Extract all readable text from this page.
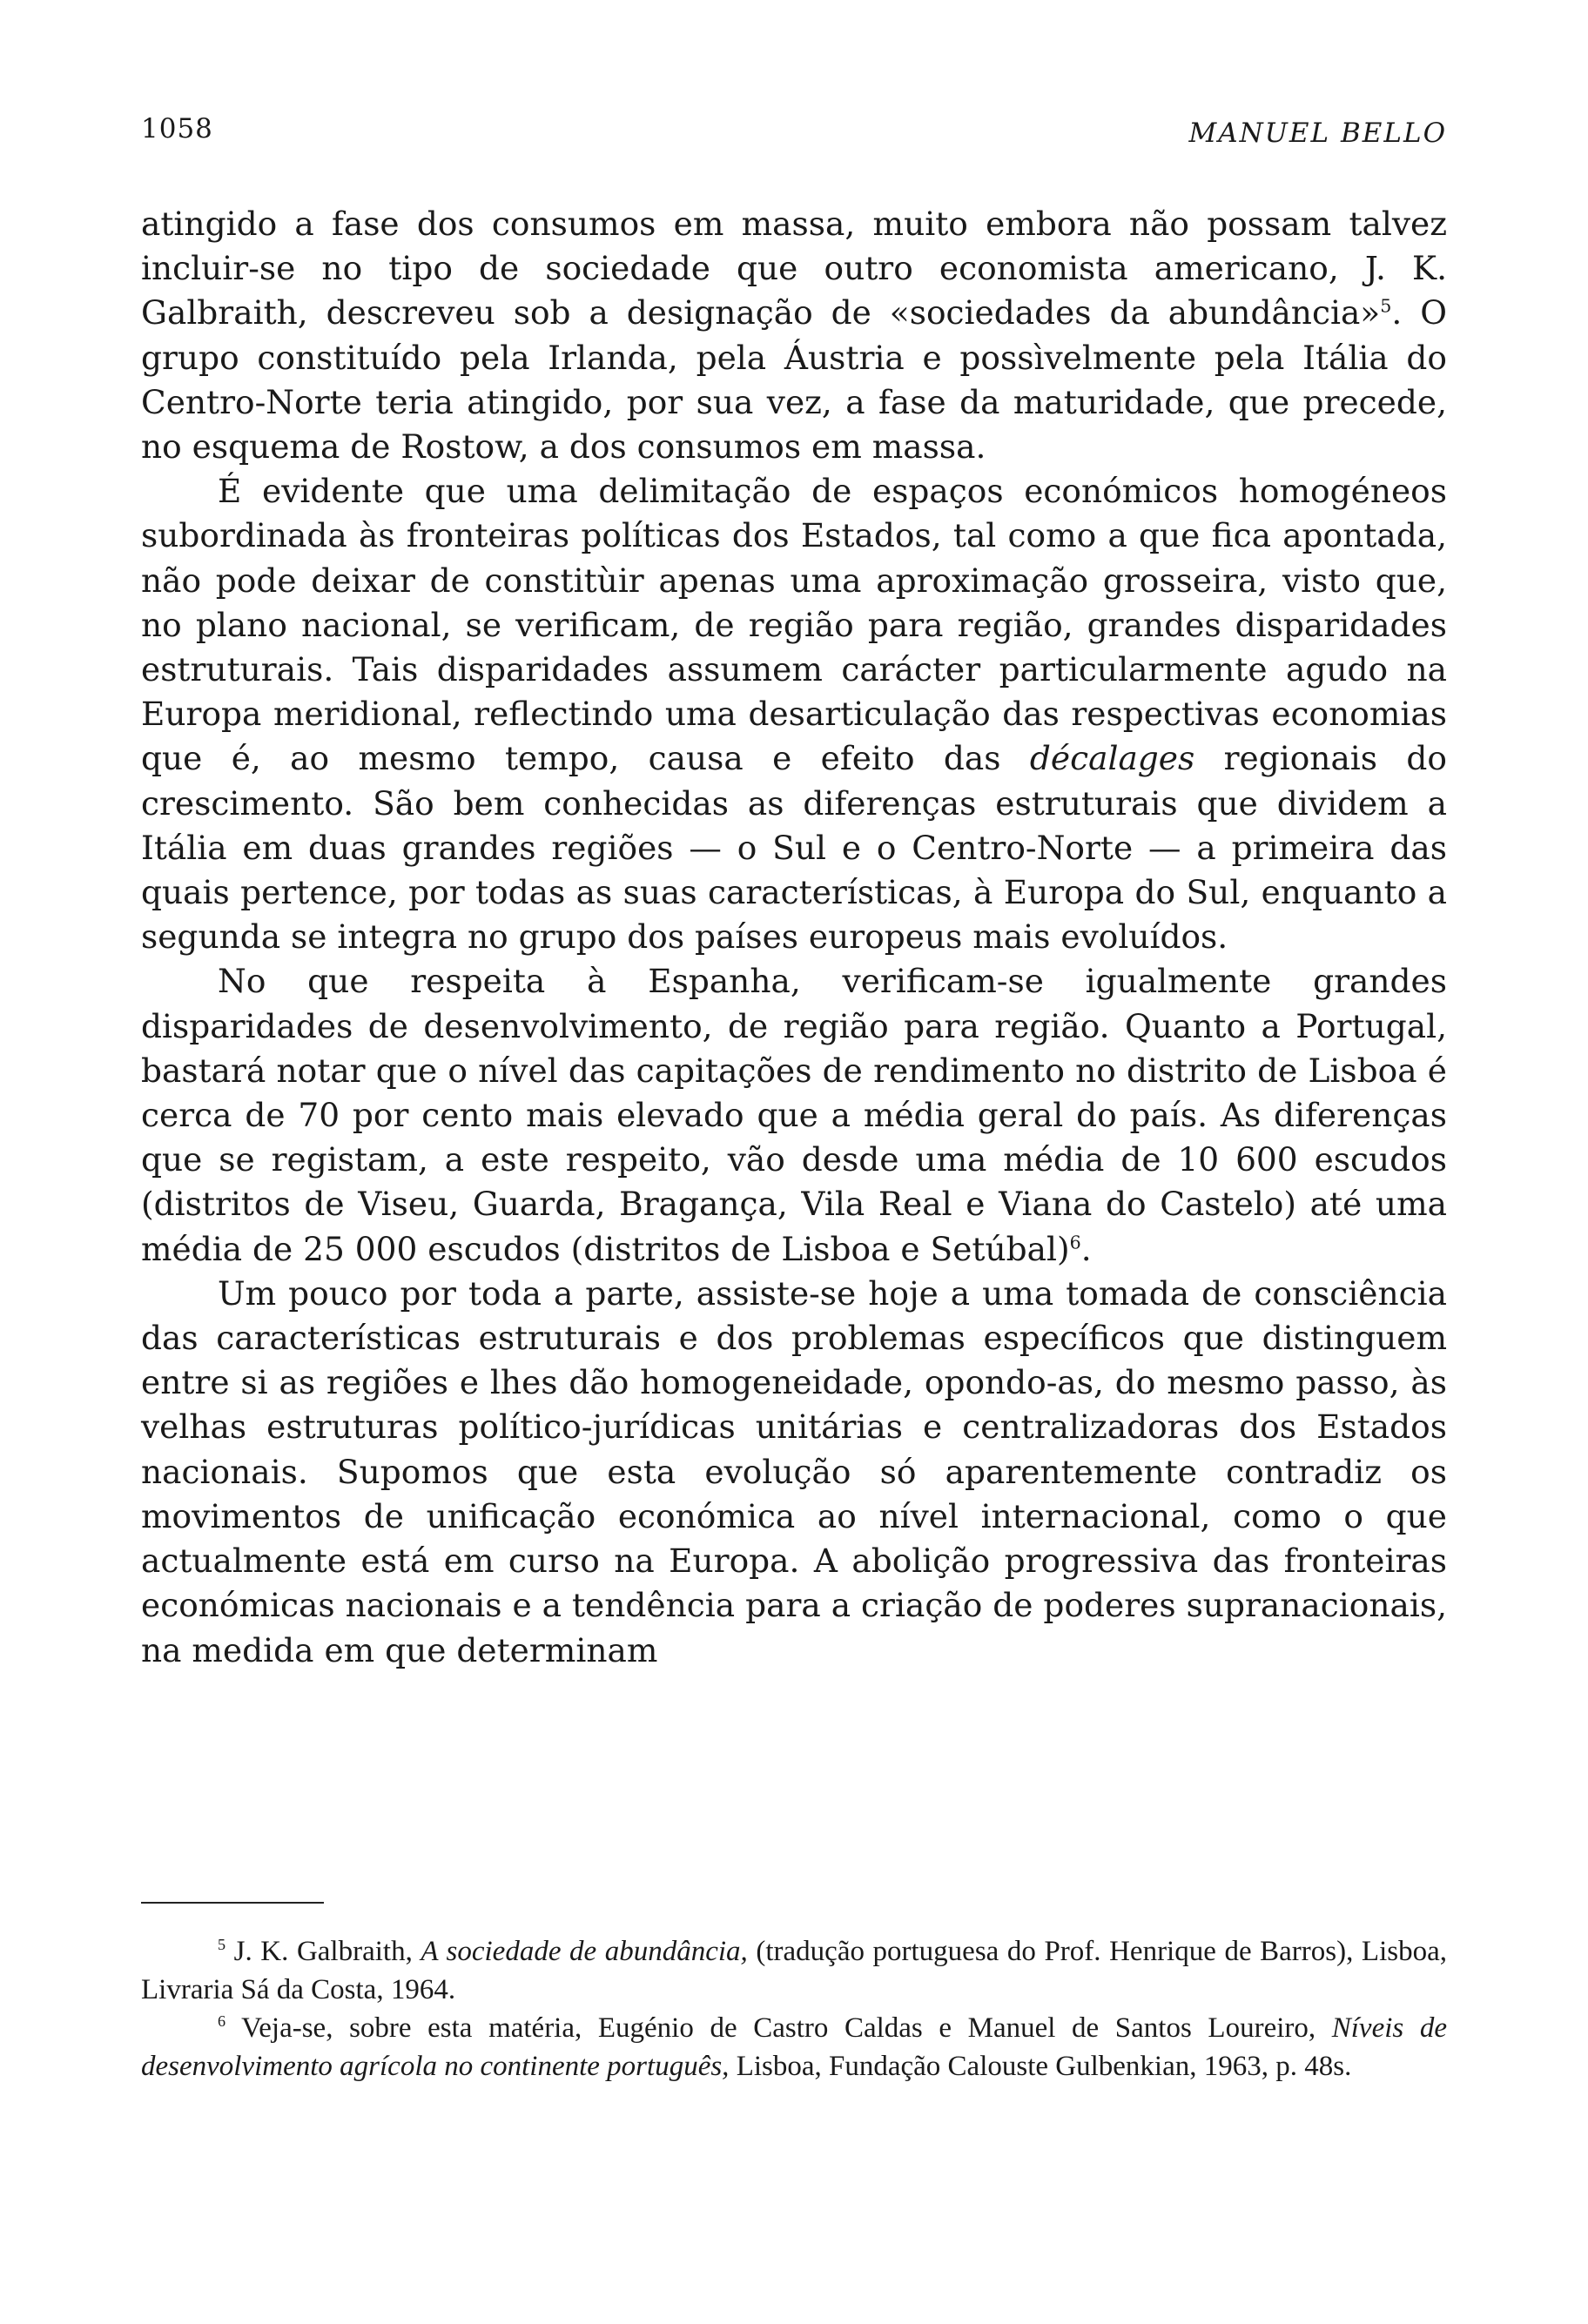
1058	MANUEL BELLO

atingido a fase dos consumos em massa, muito embora não possam talvez incluir-se no tipo de sociedade que outro economista americano, J. K. Galbraith, descreveu sob a designação de «sociedades da abundância»$^5$. O grupo constituído pela Irlanda, pela Áustria e possìvelmente pela Itália do Centro-Norte teria atingido, por sua vez, a fase da maturidade, que precede, no esquema de Rostow, a dos consumos em massa.

É evidente que uma delimitação de espaços económicos homogéneos subordinada às fronteiras políticas dos Estados, tal como a que fica apontada, não pode deixar de constitùir apenas uma aproximação grosseira, visto que, no plano nacional, se verificam, de região para região, grandes disparidades estruturais. Tais disparidades assumem carácter particularmente agudo na Europa meridional, reflectindo uma desarticulação das respectivas economias que é, ao mesmo tempo, causa e efeito das décalages regionais do crescimento. São bem conhecidas as diferenças estruturais que dividem a Itália em duas grandes regiões — o Sul e o Centro-Norte — a primeira das quais pertence, por todas as suas características, à Europa do Sul, enquanto a segunda se integra no grupo dos países europeus mais evoluídos.

No que respeita à Espanha, verificam-se igualmente grandes disparidades de desenvolvimento, de região para região. Quanto a Portugal, bastará notar que o nível das capitações de rendimento no distrito de Lisboa é cerca de 70 por cento mais elevado que a média geral do país. As diferenças que se registam, a este respeito, vão desde uma média de 10 600 escudos (distritos de Viseu, Guarda, Bragança, Vila Real e Viana do Castelo) até uma média de 25 000 escudos (distritos de Lisboa e Setúbal)$^6$.

Um pouco por toda a parte, assiste-se hoje a uma tomada de consciência das características estruturais e dos problemas específicos que distinguem entre si as regiões e lhes dão homogeneidade, opondo-as, do mesmo passo, às velhas estruturas político-jurídicas unitárias e centralizadoras dos Estados nacionais. Supomos que esta evolução só aparentemente contradiz os movimentos de unificação económica ao nível internacional, como o que actualmente está em curso na Europa. A abolição progressiva das fronteiras económicas nacionais e a tendência para a criação de poderes supranacionais, na medida em que determinam

$^5$ J. K. Galbraith, A sociedade de abundância, (tradução portuguesa do Prof. Henrique de Barros), Lisboa, Livraria Sá da Costa, 1964.

$^6$ Veja-se, sobre esta matéria, Eugénio de Castro Caldas e Manuel de Santos Loureiro, Níveis de desenvolvimento agrícola no continente português, Lisboa, Fundação Calouste Gulbenkian, 1963, p. 48s.
